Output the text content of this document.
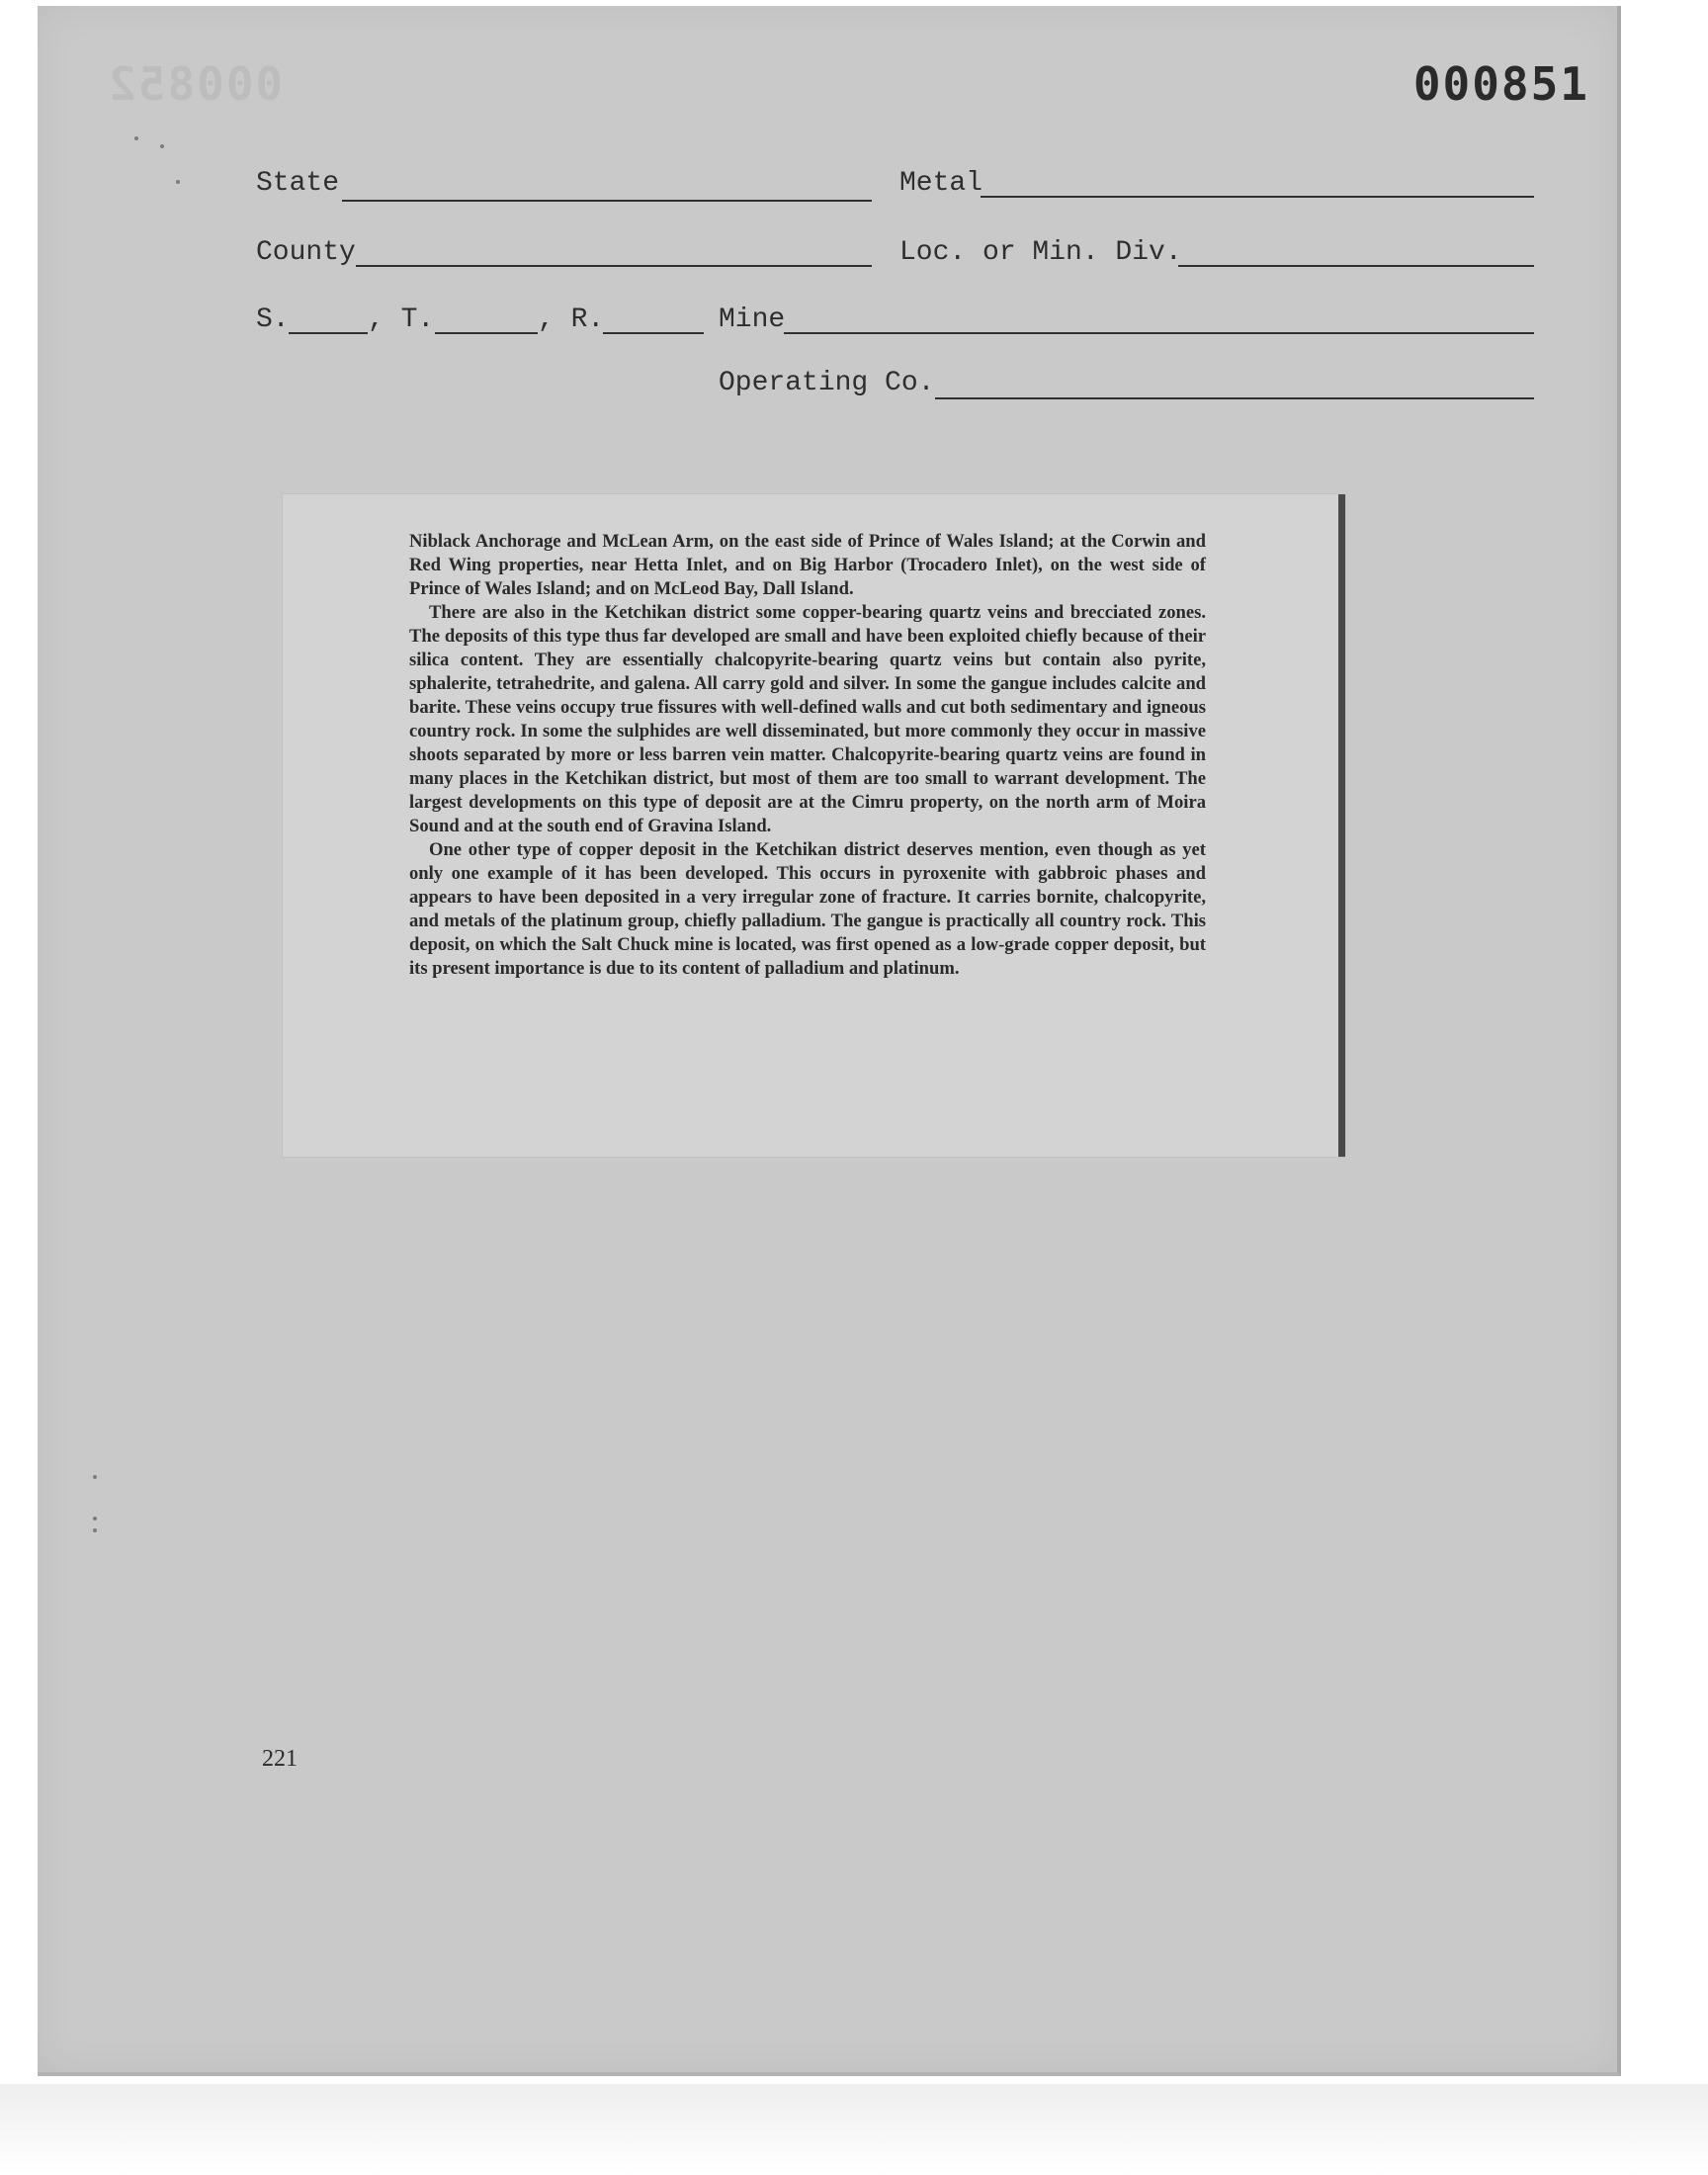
000852	000851
State	Metal
County	Loc. or Min. Div.
S.	, T.	, R.	Mine
Operating Co.

Niblack Anchorage and McLean Arm, on the east side of Prince of Wales Island; at the Corwin and Red Wing properties, near Hetta Inlet, and on Big Harbor (Trocadero Inlet), on the west side of Prince of Wales Island; and on McLeod Bay, Dall Island.

There are also in the Ketchikan district some copper-bearing quartz veins and brecciated zones. The deposits of this type thus far developed are small and have been exploited chiefly because of their silica content. They are essentially chalcopyrite-bearing quartz veins but contain also pyrite, sphalerite, tetrahedrite, and galena. All carry gold and silver. In some the gangue includes calcite and barite. These veins occupy true fissures with well-defined walls and cut both sedimentary and igneous country rock. In some the sulphides are well disseminated, but more commonly they occur in massive shoots separated by more or less barren vein matter. Chalcopyrite-bearing quartz veins are found in many places in the Ketchikan district, but most of them are too small to warrant development. The largest developments on this type of deposit are at the Cimru property, on the north arm of Moira Sound and at the south end of Gravina Island.

One other type of copper deposit in the Ketchikan district deserves mention, even though as yet only one example of it has been developed. This occurs in pyroxenite with gabbroic phases and appears to have been deposited in a very irregular zone of fracture. It carries bornite, chalcopyrite, and metals of the platinum group, chiefly palladium. The gangue is practically all country rock. This deposit, on which the Salt Chuck mine is located, was first opened as a low-grade copper deposit, but its present importance is due to its content of palladium and platinum.

221
